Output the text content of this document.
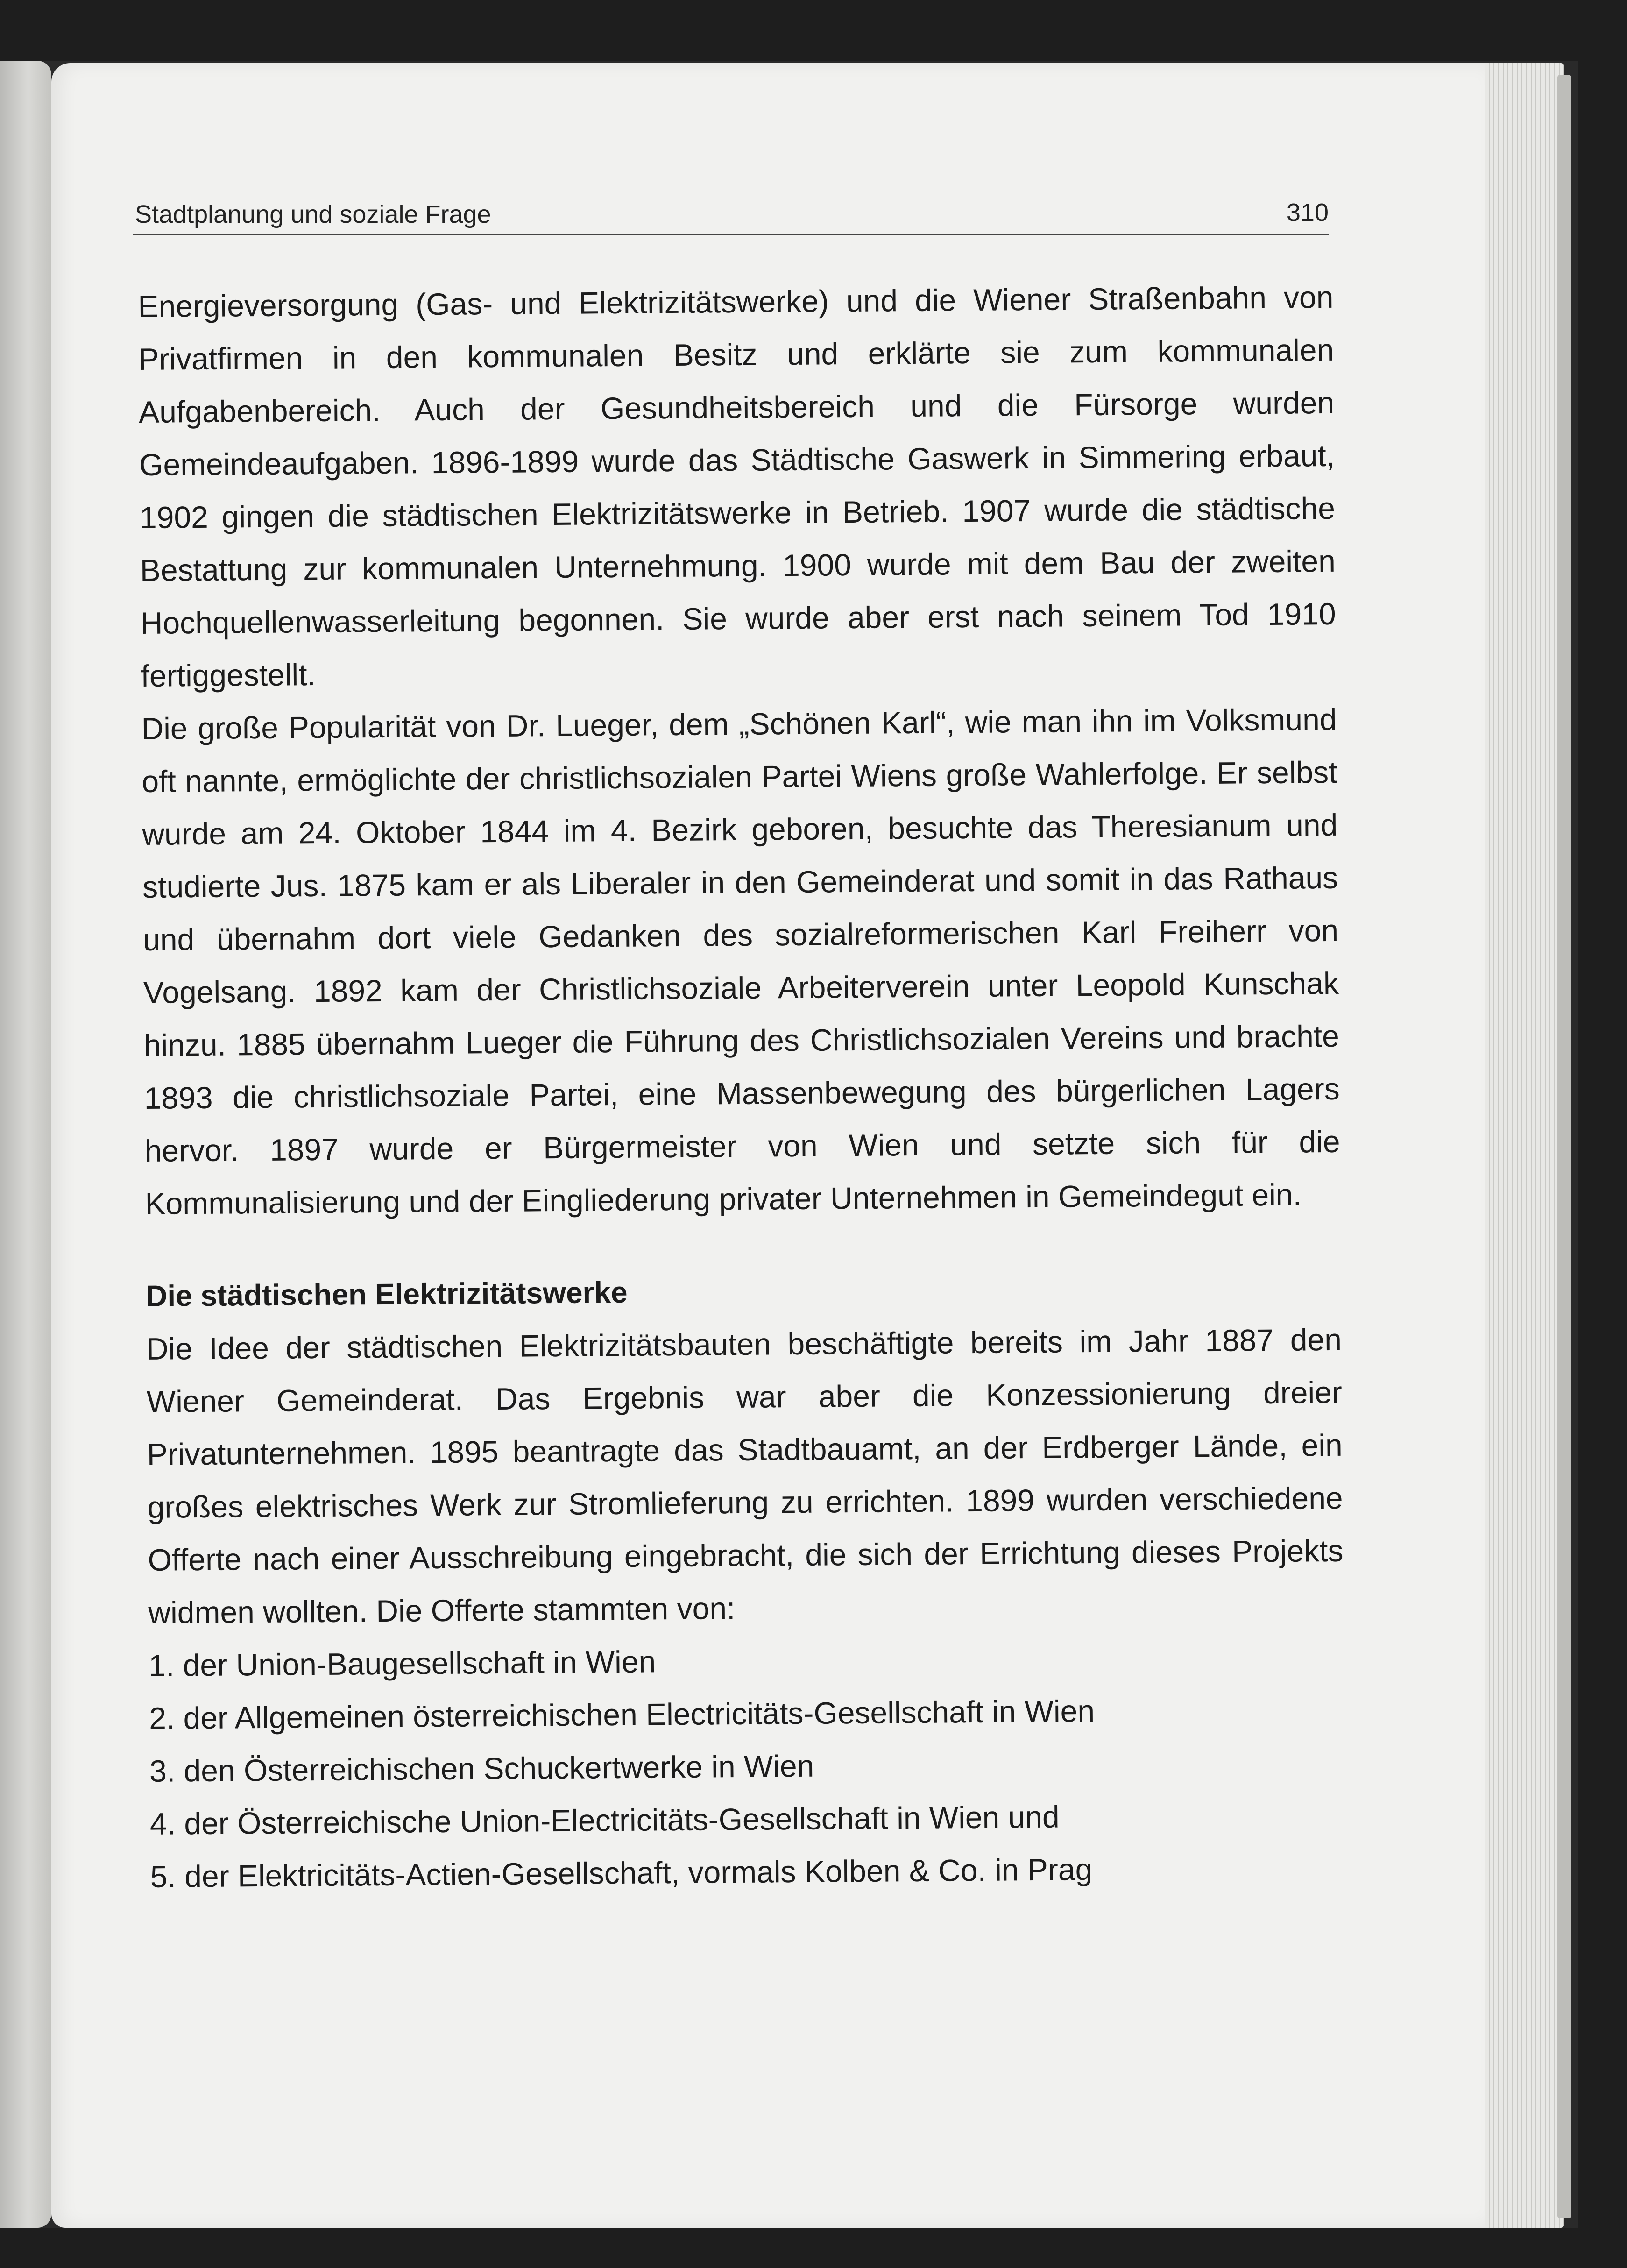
Stadtplanung und soziale Frage	310

Energieversorgung (Gas- und Elektrizitätswerke) und die Wiener Straßenbahn von Privatfirmen in den kommunalen Besitz und erklärte sie zum kommunalen Aufgabenbereich. Auch der Gesundheitsbereich und die Fürsorge wurden Gemeindeaufgaben. 1896-1899 wurde das Städtische Gaswerk in Simmering erbaut, 1902 gingen die städtischen Elektrizitätswerke in Betrieb. 1907 wurde die städtische Bestattung zur kommunalen Unternehmung. 1900 wurde mit dem Bau der zweiten Hochquellenwasserleitung begonnen. Sie wurde aber erst nach seinem Tod 1910 fertiggestellt.

Die große Popularität von Dr. Lueger, dem „Schönen Karl“, wie man ihn im Volksmund oft nannte, ermöglichte der christlichsozialen Partei Wiens große Wahlerfolge. Er selbst wurde am 24. Oktober 1844 im 4. Bezirk geboren, besuchte das Theresianum und studierte Jus. 1875 kam er als Liberaler in den Gemeinderat und somit in das Rathaus und übernahm dort viele Gedanken des sozialreformerischen Karl Freiherr von Vogelsang. 1892 kam der Christlichsoziale Arbeiterverein unter Leopold Kunschak hinzu. 1885 übernahm Lueger die Führung des Christlichsozialen Vereins und brachte 1893 die christlichsoziale Partei, eine Massenbewegung des bürgerlichen Lagers hervor. 1897 wurde er Bürgermeister von Wien und setzte sich für die Kommunalisierung und der Eingliederung privater Unternehmen in Gemeindegut ein.

Die städtischen Elektrizitätswerke

Die Idee der städtischen Elektrizitätsbauten beschäftigte bereits im Jahr 1887 den Wiener Gemeinderat. Das Ergebnis war aber die Konzessionierung dreier Privatunternehmen. 1895 beantragte das Stadtbauamt, an der Erdberger Lände, ein großes elektrisches Werk zur Stromlieferung zu errichten. 1899 wurden verschiedene Offerte nach einer Ausschreibung eingebracht, die sich der Errichtung dieses Projekts widmen wollten. Die Offerte stammten von:

1. der Union-Baugesellschaft in Wien
2. der Allgemeinen österreichischen Electricitäts-Gesellschaft in Wien
3. den Österreichischen Schuckertwerke in Wien
4. der Österreichische Union-Electricitäts-Gesellschaft in Wien und
5. der Elektricitäts-Actien-Gesellschaft, vormals Kolben & Co. in Prag
